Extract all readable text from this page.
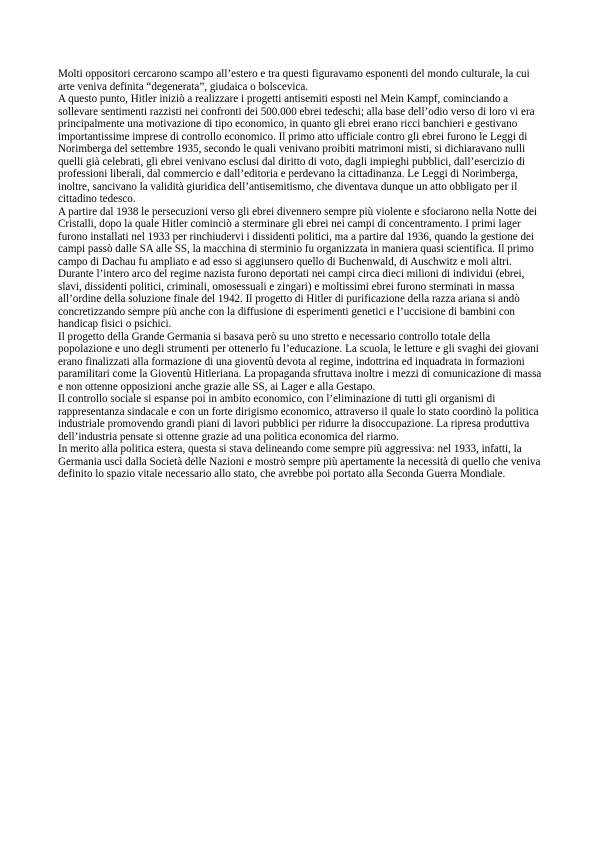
Molti oppositori cercarono scampo all’estero e tra questi figuravamo esponenti del mondo culturale, la cui arte veniva definita “degenerata”, giudaica o bolscevica.

A questo punto, Hitler iniziò a realizzare i progetti antisemiti esposti nel Mein Kampf, cominciando a sollevare sentimenti razzisti nei confronti dei 500.000 ebrei tedeschi; alla base dell’odio verso di loro vi era principalmente una motivazione di tipo economico, in quanto gli ebrei erano ricci banchieri e gestivano importantissime imprese di controllo economico. Il primo atto ufficiale contro gli ebrei furono le Leggi di Norimberga del settembre 1935, secondo le quali venivano proibiti matrimoni misti, si dichiaravano nulli quelli già celebrati, gli ebrei venivano esclusi dal diritto di voto, dagli impieghi pubblici, dall’esercizio di professioni liberali, dal commercio e dall’editoria e perdevano la cittadinanza. Le Leggi di Norimberga, inoltre, sancivano la validità giuridica dell’antisemitismo, che diventava dunque un atto obbligato per il cittadino tedesco.

A partire dal 1938 le persecuzioni verso gli ebrei divennero sempre più violente e sfociarono nella Notte dei Cristalli, dopo la quale Hitler cominciò a sterminare gli ebrei nei campi di concentramento. I primi lager furono installati nel 1933 per rinchiudervi i dissidenti politici, ma a partire dal 1936, quando la gestione dei campi passò dalle SA alle SS, la macchina di sterminio fu organizzata in maniera quasi scientifica. Il primo campo di Dachau fu ampliato e ad esso si aggiunsero quello di Buchenwald, di Auschwitz e moli altri. Durante l’intero arco del regime nazista furono deportati nei campi circa dieci milioni di individui (ebrei, slavi, dissidenti politici, criminali, omosessuali e zingari) e moltissimi ebrei furono sterminati in massa all’ordine della soluzione finale del 1942. Il progetto di Hitler di purificazione della razza ariana si andò concretizzando sempre più anche con la diffusione di esperimenti genetici e l’uccisione di bambini con handicap fisici o psichici.

Il progetto della Grande Germania si basava però su uno stretto e necessario controllo totale della popolazione e uno degli strumenti per ottenerlo fu l’educazione. La scuola, le letture e gli svaghi dei giovani erano finalizzati alla formazione di una gioventù devota al regime, indottrina ed inquadrata in formazioni paramilitari come la Gioventù Hitleriana. La propaganda sfruttava inoltre i mezzi di comunicazione di massa e non ottenne opposizioni anche grazie alle SS, ai Lager e alla Gestapo.

Il controllo sociale si espanse poi in ambito economico, con l’eliminazione di tutti gli organismi di rappresentanza sindacale e con un forte dirigismo economico, attraverso il quale lo stato coordinò la politica industriale promovendo grandi piani di lavori pubblici per ridurre la disoccupazione. La ripresa produttiva dell’industria pensate si ottenne grazie ad una politica economica del riarmo.

In merito alla politica estera, questa si stava delineando come sempre più aggressiva: nel 1933, infatti, la Germania uscì dalla Società delle Nazioni e mostrò sempre più apertamente la necessità di quello che veniva definito lo spazio vitale necessario allo stato, che avrebbe poi portato alla Seconda Guerra Mondiale.
